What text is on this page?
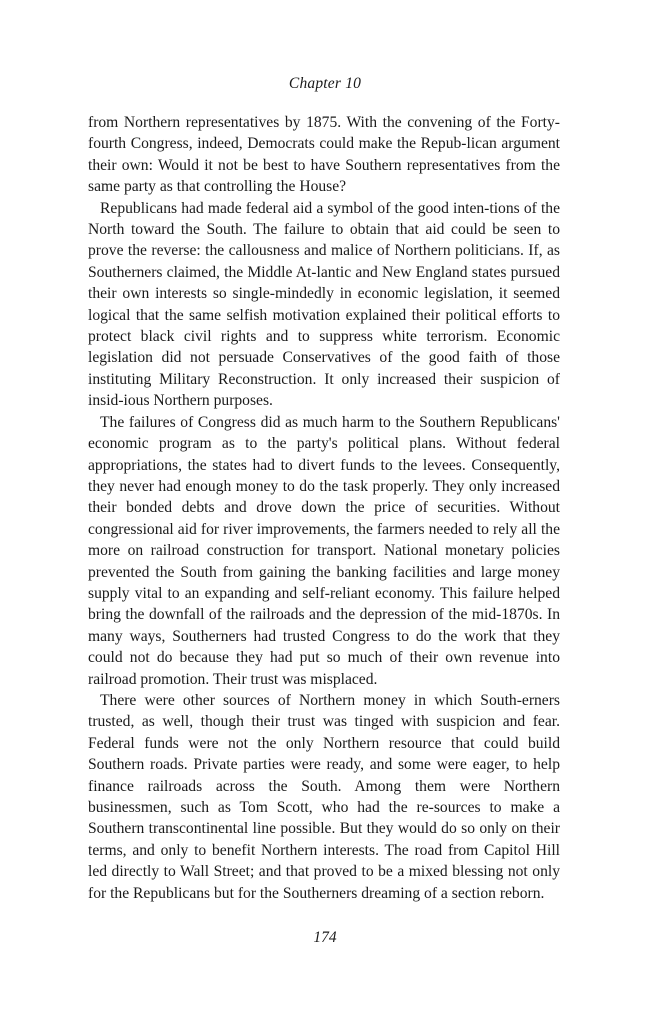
Chapter 10

from Northern representatives by 1875. With the convening of the Forty-fourth Congress, indeed, Democrats could make the Repub-lican argument their own: Would it not be best to have Southern representatives from the same party as that controlling the House?

Republicans had made federal aid a symbol of the good inten-tions of the North toward the South. The failure to obtain that aid could be seen to prove the reverse: the callousness and malice of Northern politicians. If, as Southerners claimed, the Middle At-lantic and New England states pursued their own interests so single-mindedly in economic legislation, it seemed logical that the same selfish motivation explained their political efforts to protect black civil rights and to suppress white terrorism. Economic legislation did not persuade Conservatives of the good faith of those instituting Military Reconstruction. It only increased their suspicion of insid-ious Northern purposes.

The failures of Congress did as much harm to the Southern Republicans' economic program as to the party's political plans. Without federal appropriations, the states had to divert funds to the levees. Consequently, they never had enough money to do the task properly. They only increased their bonded debts and drove down the price of securities. Without congressional aid for river improvements, the farmers needed to rely all the more on railroad construction for transport. National monetary policies prevented the South from gaining the banking facilities and large money supply vital to an expanding and self-reliant economy. This failure helped bring the downfall of the railroads and the depression of the mid-1870s. In many ways, Southerners had trusted Congress to do the work that they could not do because they had put so much of their own revenue into railroad promotion. Their trust was misplaced.

There were other sources of Northern money in which South-erners trusted, as well, though their trust was tinged with suspicion and fear. Federal funds were not the only Northern resource that could build Southern roads. Private parties were ready, and some were eager, to help finance railroads across the South. Among them were Northern businessmen, such as Tom Scott, who had the re-sources to make a Southern transcontinental line possible. But they would do so only on their terms, and only to benefit Northern interests. The road from Capitol Hill led directly to Wall Street; and that proved to be a mixed blessing not only for the Republicans but for the Southerners dreaming of a section reborn.

174
